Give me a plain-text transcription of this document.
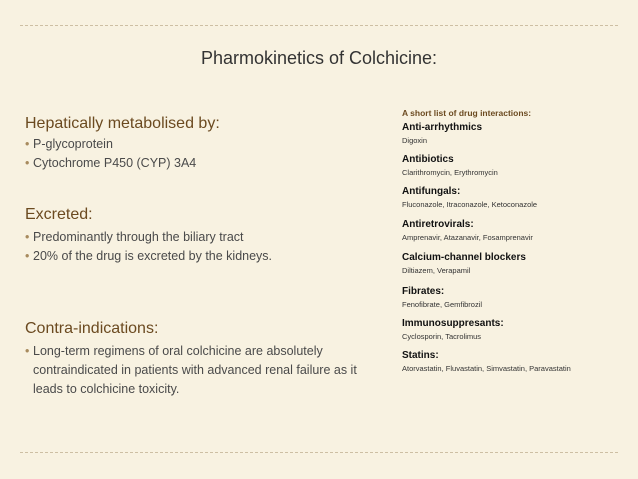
Pharmokinetics of Colchicine:
Hepatically metabolised by:
• P-glycoprotein
• Cytochrome P450 (CYP) 3A4
Excreted:
• Predominantly through the biliary tract
• 20% of the drug is excreted by the kidneys.
Contra-indications:
• Long-term regimens of oral colchicine are absolutely contraindicated in patients with advanced renal failure as it leads to colchicine toxicity.
A short list of drug interactions:
Anti-arrhythmics
Digoxin
Antibiotics
Clarithromycin, Erythromycin
Antifungals:
Fluconazole, Itraconazole, Ketoconazole
Antiretrovirals:
Amprenavir, Atazanavir, Fosamprenavir
Calcium-channel blockers
Diltiazem, Verapamil
Fibrates:
Fenofibrate, Gemfibrozil
Immunosuppresants:
Cyclosporin, Tacrolimus
Statins:
Atorvastatin, Fluvastatin, Simvastatin, Paravastatin
